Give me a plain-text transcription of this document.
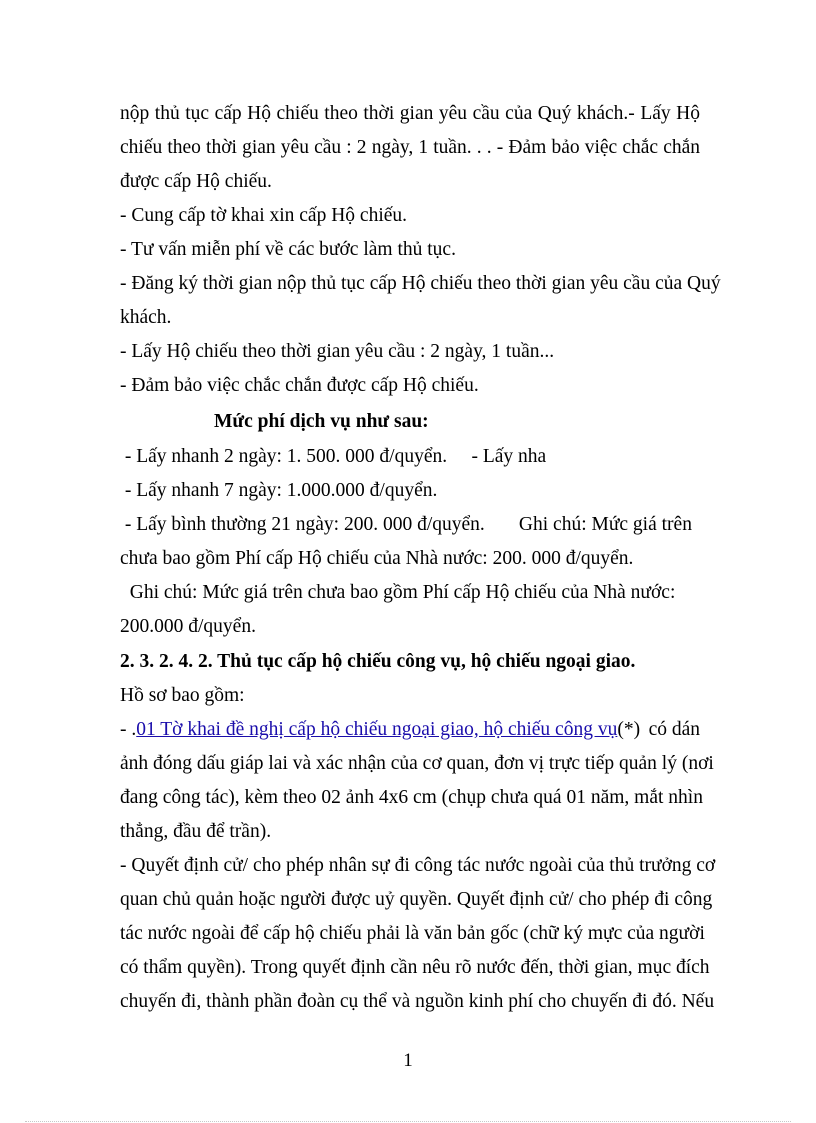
nộp thủ tục cấp Hộ chiếu theo thời gian yêu cầu của Quý khách.- Lấy Hộ
chiếu theo thời gian yêu cầu : 2 ngày, 1 tuần. . . - Đảm bảo việc chắc chắn
được cấp Hộ chiếu.
- Cung cấp tờ khai xin cấp Hộ chiếu.
- Tư vấn miễn phí về các bước làm thủ tục.
- Đăng ký thời gian nộp thủ tục cấp Hộ chiếu theo thời gian yêu cầu của Quý
khách.
- Lấy Hộ chiếu theo thời gian yêu cầu : 2 ngày, 1 tuần...
- Đảm bảo việc chắc chắn được cấp Hộ chiếu.
Mức phí dịch vụ như sau:
- Lấy nhanh 2 ngày: 1. 500. 000 đ/quyển.     - Lấy nha
- Lấy nhanh 7 ngày: 1.000.000 đ/quyển.
- Lấy bình thường 21 ngày: 200. 000 đ/quyển.       Ghi chú: Mức giá trên
chưa bao gồm Phí cấp Hộ chiếu của Nhà nước: 200. 000 đ/quyển.
Ghi chú: Mức giá trên chưa bao gồm Phí cấp Hộ chiếu của Nhà nước:
200.000 đ/quyển.
2. 3. 2. 4. 2. Thủ tục cấp hộ chiếu công vụ, hộ chiếu ngoại giao.
Hồ sơ bao gồm:
- .01 Tờ khai đề nghị cấp hộ chiếu ngoại giao, hộ chiếu công vụ(*) có dán
ảnh đóng dấu giáp lai và xác nhận của cơ quan, đơn vị trực tiếp quản lý (nơi
đang công tác), kèm theo 02 ảnh 4x6 cm (chụp chưa quá 01 năm, mắt nhìn
thẳng, đầu để trần).
- Quyết định cử/ cho phép nhân sự đi công tác nước ngoài của thủ trưởng cơ
quan chủ quản hoặc người được uỷ quyền. Quyết định cử/ cho phép đi công
tác nước ngoài để cấp hộ chiếu phải là văn bản gốc (chữ ký mực của người
có thẩm quyền). Trong quyết định cần nêu rõ nước đến, thời gian, mục đích
chuyến đi, thành phần đoàn cụ thể và nguồn kinh phí cho chuyến đi đó. Nếu
1
